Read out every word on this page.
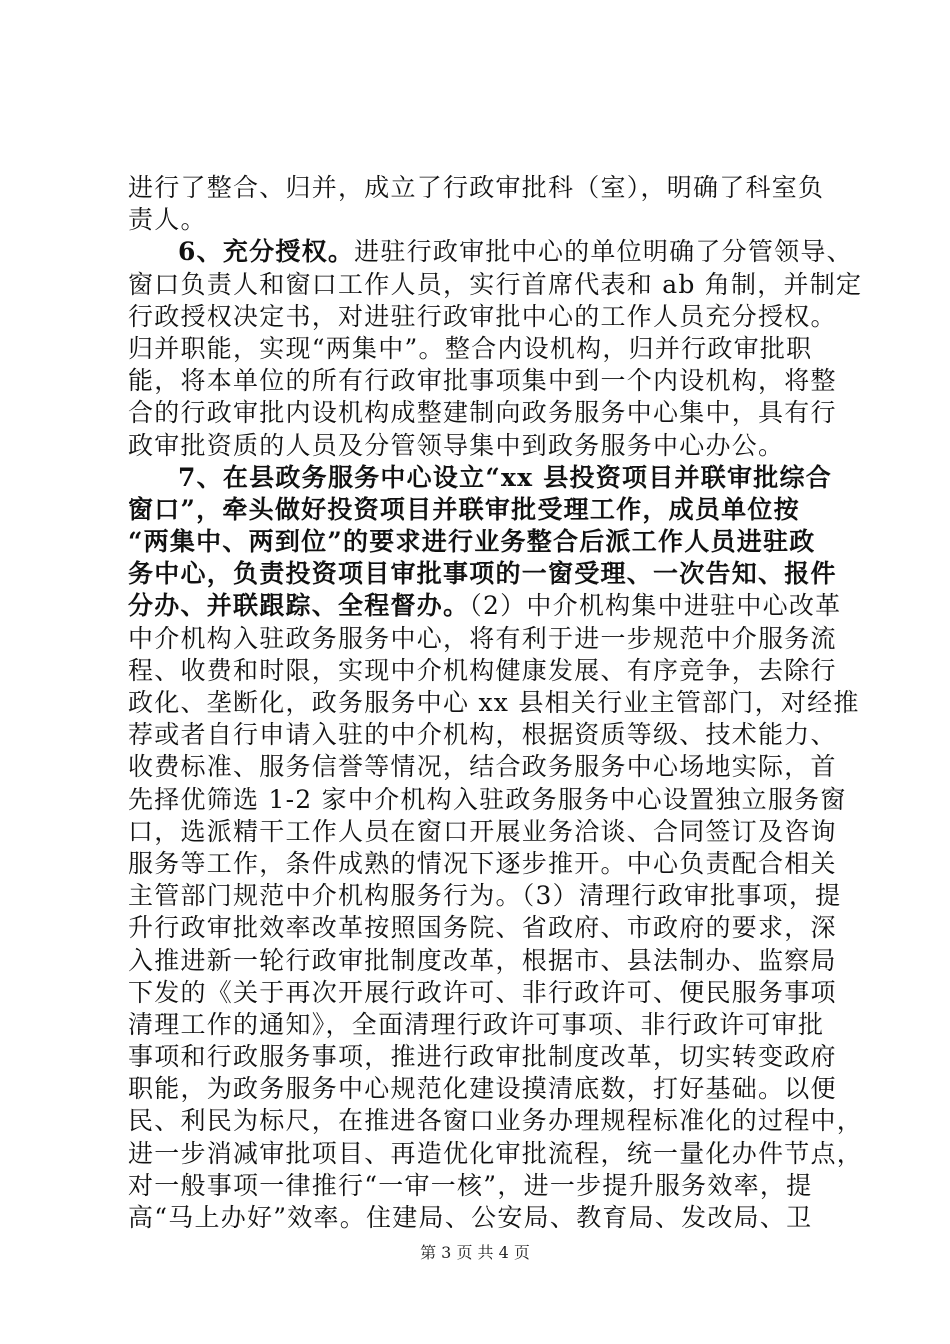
进行了整合、归并，成立了行政审批科（室），明确了科室负
责人。
6、充分授权。进驻行政审批中心的单位明确了分管领导、
窗口负责人和窗口工作人员，实行首席代表和 ab 角制，并制定
行政授权决定书，对进驻行政审批中心的工作人员充分授权。
归并职能，实现“两集中”。整合内设机构，归并行政审批职
能，将本单位的所有行政审批事项集中到一个内设机构，将整
合的行政审批内设机构成整建制向政务服务中心集中，具有行
政审批资质的人员及分管领导集中到政务服务中心办公。
7、在县政务服务中心设立“xx 县投资项目并联审批综合
窗口”，牵头做好投资项目并联审批受理工作，成员单位按
“两集中、两到位”的要求进行业务整合后派工作人员进驻政
务中心，负责投资项目审批事项的一窗受理、一次告知、报件
分办、并联跟踪、全程督办。（2）中介机构集中进驻中心改革
中介机构入驻政务服务中心，将有利于进一步规范中介服务流
程、收费和时限，实现中介机构健康发展、有序竞争，去除行
政化、垄断化，政务服务中心 xx 县相关行业主管部门，对经推
荐或者自行申请入驻的中介机构，根据资质等级、技术能力、
收费标准、服务信誉等情况，结合政务服务中心场地实际，首
先择优筛选 1-2 家中介机构入驻政务服务中心设置独立服务窗
口，选派精干工作人员在窗口开展业务洽谈、合同签订及咨询
服务等工作，条件成熟的情况下逐步推开。中心负责配合相关
主管部门规范中介机构服务行为。（3）清理行政审批事项，提
升行政审批效率改革按照国务院、省政府、市政府的要求，深
入推进新一轮行政审批制度改革，根据市、县法制办、监察局
下发的《关于再次开展行政许可、非行政许可、便民服务事项
清理工作的通知》，全面清理行政许可事项、非行政许可审批
事项和行政服务事项，推进行政审批制度改革，切实转变政府
职能，为政务服务中心规范化建设摸清底数，打好基础。以便
民、利民为标尺，在推进各窗口业务办理规程标准化的过程中，
进一步消减审批项目、再造优化审批流程，统一量化办件节点，
对一般事项一律推行“一审一核”，进一步提升服务效率，提
高“马上办好”效率。住建局、公安局、教育局、发改局、卫
第 3 页 共 4 页
